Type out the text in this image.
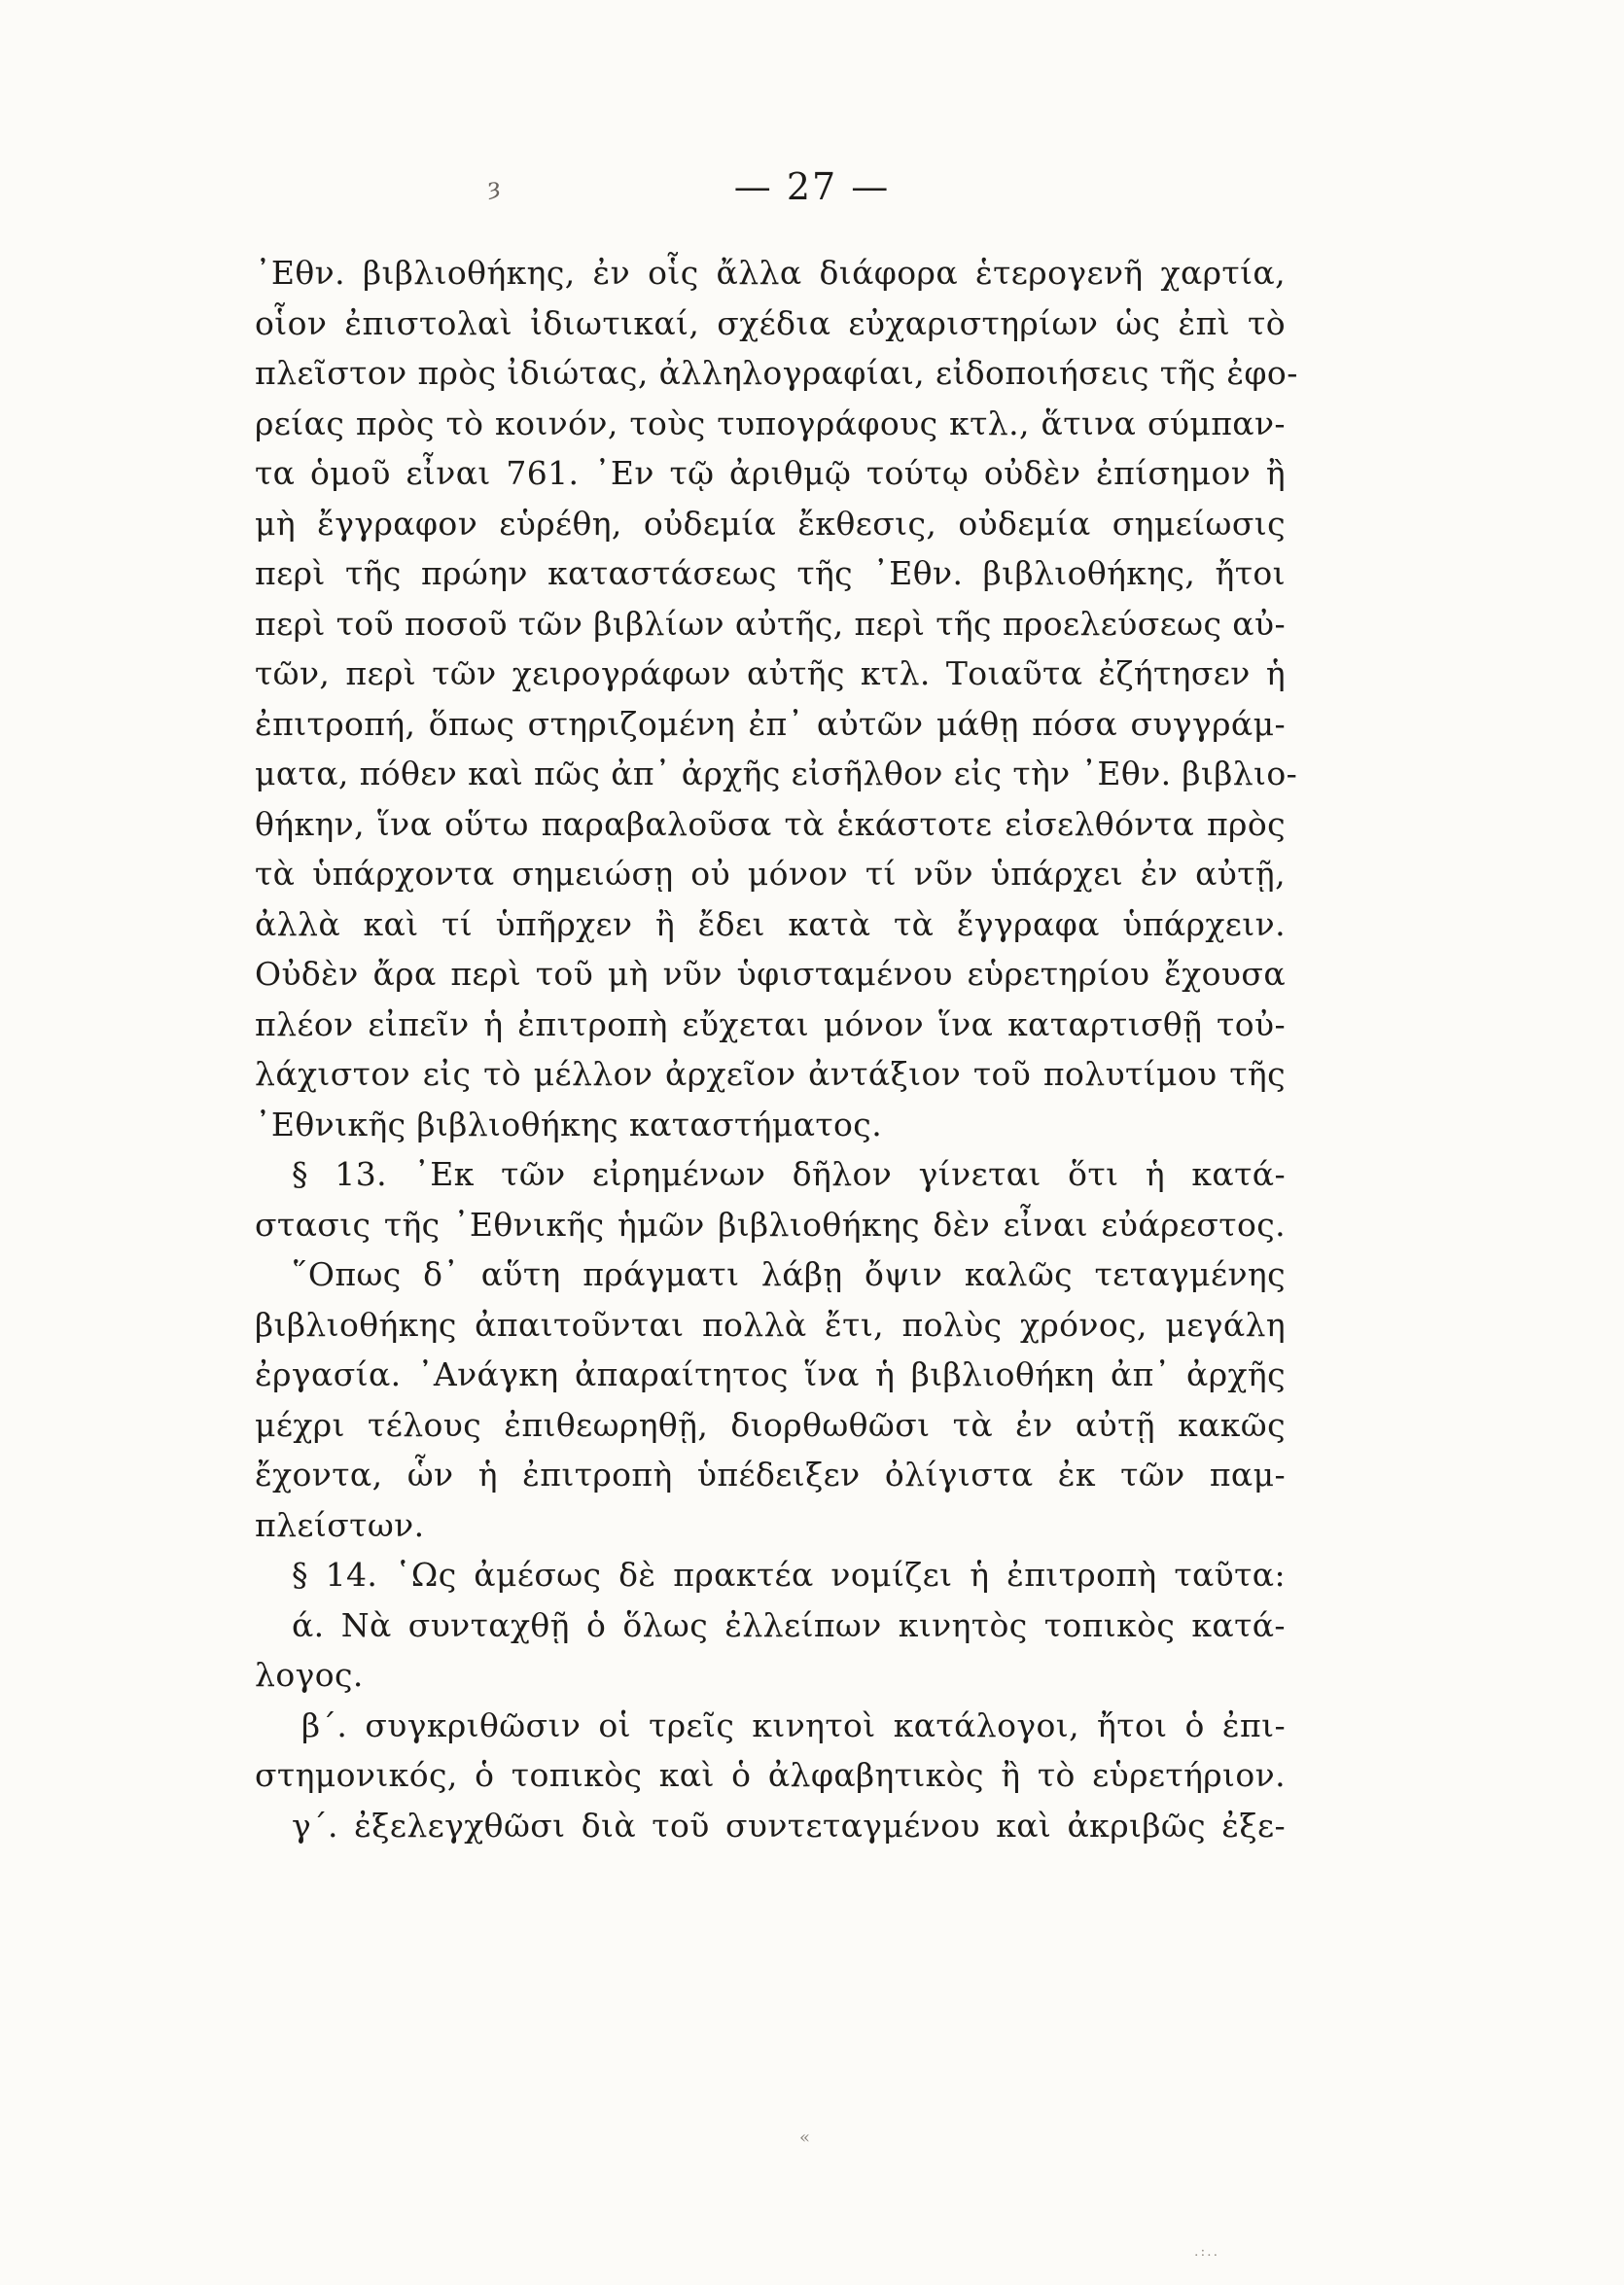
ȝ	— 27 —
᾿Εθν. βιβλιοθήκης, ἐν οἷς ἄλλα διάφορα ἑτερογενῆ χαρτία,
οἷον ἐπιστολαὶ ἰδιωτικαί, σχέδια εὐχαριστηρίων ὡς ἐπὶ τὸ
πλεῖστον πρὸς ἰδιώτας, ἀλληλογραφίαι, εἰδοποιήσεις τῆς ἐφο-
ρείας πρὸς τὸ κοινόν, τοὺς τυπογράφους κτλ., ἅτινα σύμπαν-
τα ὁμοῦ εἶναι 761. ᾿Εν τῷ ἀριθμῷ τούτῳ οὐδὲν ἐπίσημον ἢ
μὴ ἔγγραφον εὑρέθη, οὐδεμία ἔκθεσις, οὐδεμία σημείωσις
περὶ τῆς πρώην καταστάσεως τῆς ᾿Εθν. βιβλιοθήκης, ἤτοι
περὶ τοῦ ποσοῦ τῶν βιβλίων αὐτῆς, περὶ τῆς προελεύσεως αὐ-
τῶν, περὶ τῶν χειρογράφων αὐτῆς κτλ. Τοιαῦτα ἐζήτησεν ἡ
ἐπιτροπή, ὅπως στηριζομένη ἐπ᾿ αὐτῶν μάθῃ πόσα συγγράμ-
ματα, πόθεν καὶ πῶς ἀπ᾿ ἀρχῆς εἰσῆλθον εἰς τὴν ᾿Εθν. βιβλιο-
θήκην, ἵνα οὕτω παραβαλοῦσα τὰ ἑκάστοτε εἰσελθόντα πρὸς
τὰ ὑπάρχοντα σημειώσῃ οὐ μόνον τί νῦν ὑπάρχει ἐν αὐτῇ,
ἀλλὰ καὶ τί ὑπῆρχεν ἢ ἔδει κατὰ τὰ ἔγγραφα ὑπάρχειν.
Οὐδὲν ἄρα περὶ τοῦ μὴ νῦν ὑφισταμένου εὑρετηρίου ἔχουσα
πλέον εἰπεῖν ἡ ἐπιτροπὴ εὔχεται μόνον ἵνα καταρτισθῇ τοὐ-
λάχιστον εἰς τὸ μέλλον ἀρχεῖον ἀντάξιον τοῦ πολυτίμου τῆς
᾿Εθνικῆς βιβλιοθήκης καταστήματος.
§ 13. ᾿Εκ τῶν εἰρημένων δῆλον γίνεται ὅτι ἡ κατά-
στασις τῆς ᾿Εθνικῆς ἡμῶν βιβλιοθήκης δὲν εἶναι εὐάρεστος.
῞Οπως δ᾿ αὕτη πράγματι λάβῃ ὄψιν καλῶς τεταγμένης
βιβλιοθήκης ἀπαιτοῦνται πολλὰ ἔτι, πολὺς χρόνος, μεγάλη
ἐργασία. ᾿Ανάγκη ἀπαραίτητος ἵνα ἡ βιβλιοθήκη ἀπ᾿ ἀρχῆς
μέχρι τέλους ἐπιθεωρηθῇ, διορθωθῶσι τὰ ἐν αὐτῇ κακῶς
ἔχοντα, ὧν ἡ ἐπιτροπὴ ὑπέδειξεν ὀλίγιστα ἐκ τῶν παμ-
πλείστων.
§ 14. ῾Ως ἀμέσως δὲ πρακτέα νομίζει ἡ ἐπιτροπὴ ταῦτα:
ά. Νὰ συνταχθῇ ὁ ὅλως ἐλλείπων κινητὸς τοπικὸς κατά-
λογος.
β΄. συγκριθῶσιν οἱ τρεῖς κινητοὶ κατάλογοι, ἤτοι ὁ ἐπι-
στημονικός, ὁ τοπικὸς καὶ ὁ ἀλφαβητικὸς ἢ τὸ εὑρετήριον.
γ΄. ἐξελεγχθῶσι διὰ τοῦ συντεταγμένου καὶ ἀκριβῶς ἐξε-
«
.:..
